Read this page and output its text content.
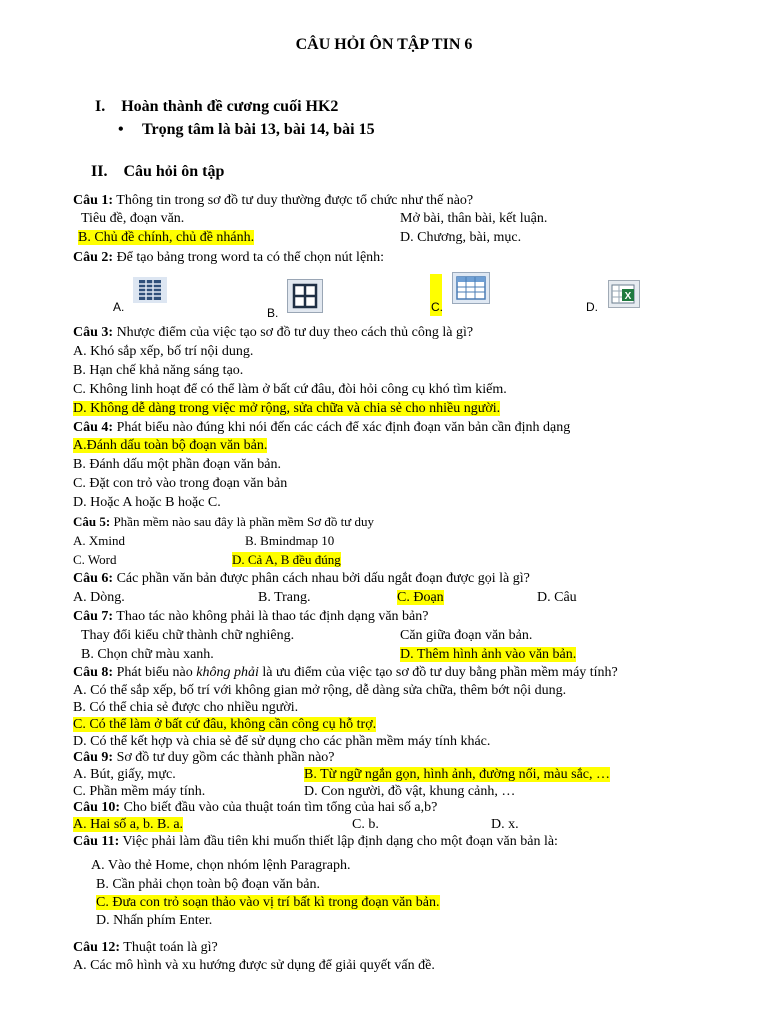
CÂU HỎI ÔN TẬP TIN 6
I. Hoàn thành đề cương cuối HK2
• Trọng tâm là bài 13, bài 14, bài 15
II. Câu hỏi ôn tập
Câu 1: Thông tin trong sơ đồ tư duy thường được tổ chức như thế nào?
Tiêu đề, đoạn văn.	Mở bài, thân bài, kết luận.
B. Chủ đề chính, chủ đề nhánh.	D. Chương, bài, mục.
Câu 2: Để tạo bảng trong word ta có thể chọn nút lệnh:
A.	B.	C.	D.
X
Câu 3: Nhược điểm của việc tạo sơ đồ tư duy theo cách thủ công là gì?
A. Khó sắp xếp, bố trí nội dung.
B. Hạn chế khả năng sáng tạo.
C. Không linh hoạt để có thể làm ở bất cứ đâu, đòi hỏi công cụ khó tìm kiếm.
D. Không dễ dàng trong việc mở rộng, sửa chữa và chia sẻ cho nhiều người.
Câu 4: Phát biểu nào đúng khi nói đến các cách để xác định đoạn văn bản cần định dạng
A.Đánh dấu toàn bộ đoạn văn bản.
B. Đánh dấu một phần đoạn văn bản.
C. Đặt con trỏ vào trong đoạn văn bản
D. Hoặc A hoặc B hoặc C.
Câu 5: Phần mềm nào sau đây là phần mềm Sơ đồ tư duy
A. Xmind	B. Bmindmap 10
C. Word	D. Cả A, B đều đúng
Câu 6: Các phần văn bản được phân cách nhau bởi dấu ngắt đoạn được gọi là gì?
A. Dòng.	B. Trang.	C. Đoạn	D. Câu
Câu 7: Thao tác nào không phải là thao tác định dạng văn bản?
Thay đổi kiểu chữ thành chữ nghiêng.	Căn giữa đoạn văn bản.
B. Chọn chữ màu xanh.	D. Thêm hình ảnh vào văn bản.
Câu 8: Phát biểu nào không phải là ưu điểm của việc tạo sơ đồ tư duy bằng phần mềm máy tính?
A. Có thể sắp xếp, bố trí với không gian mở rộng, dễ dàng sửa chữa, thêm bớt nội dung.
B. Có thể chia sẻ được cho nhiều người.
C. Có thể làm ở bất cứ đâu, không cần công cụ hỗ trợ.
D. Có thể kết hợp và chia sẻ để sử dụng cho các phần mềm máy tính khác.
Câu 9: Sơ đồ tư duy gồm các thành phần nào?
A. Bút, giấy, mực.	B. Từ ngữ ngắn gọn, hình ảnh, đường nối, màu sắc, …
C. Phần mềm máy tính.	D. Con người, đồ vật, khung cảnh, …
Câu 10: Cho biết đầu vào của thuật toán tìm tổng của hai số a,b?
A. Hai số a, b. B. a.	C. b.	D. x.
Câu 11: Việc phải làm đầu tiên khi muốn thiết lập định dạng cho một đoạn văn bản là:
A. Vào thẻ Home, chọn nhóm lệnh Paragraph.
B. Cần phải chọn toàn bộ đoạn văn bản.
C. Đưa con trỏ soạn thảo vào vị trí bất kì trong đoạn văn bản.
D. Nhấn phím Enter.
Câu 12: Thuật toán là gì?
A. Các mô hình và xu hướng được sử dụng để giải quyết vấn đề.
